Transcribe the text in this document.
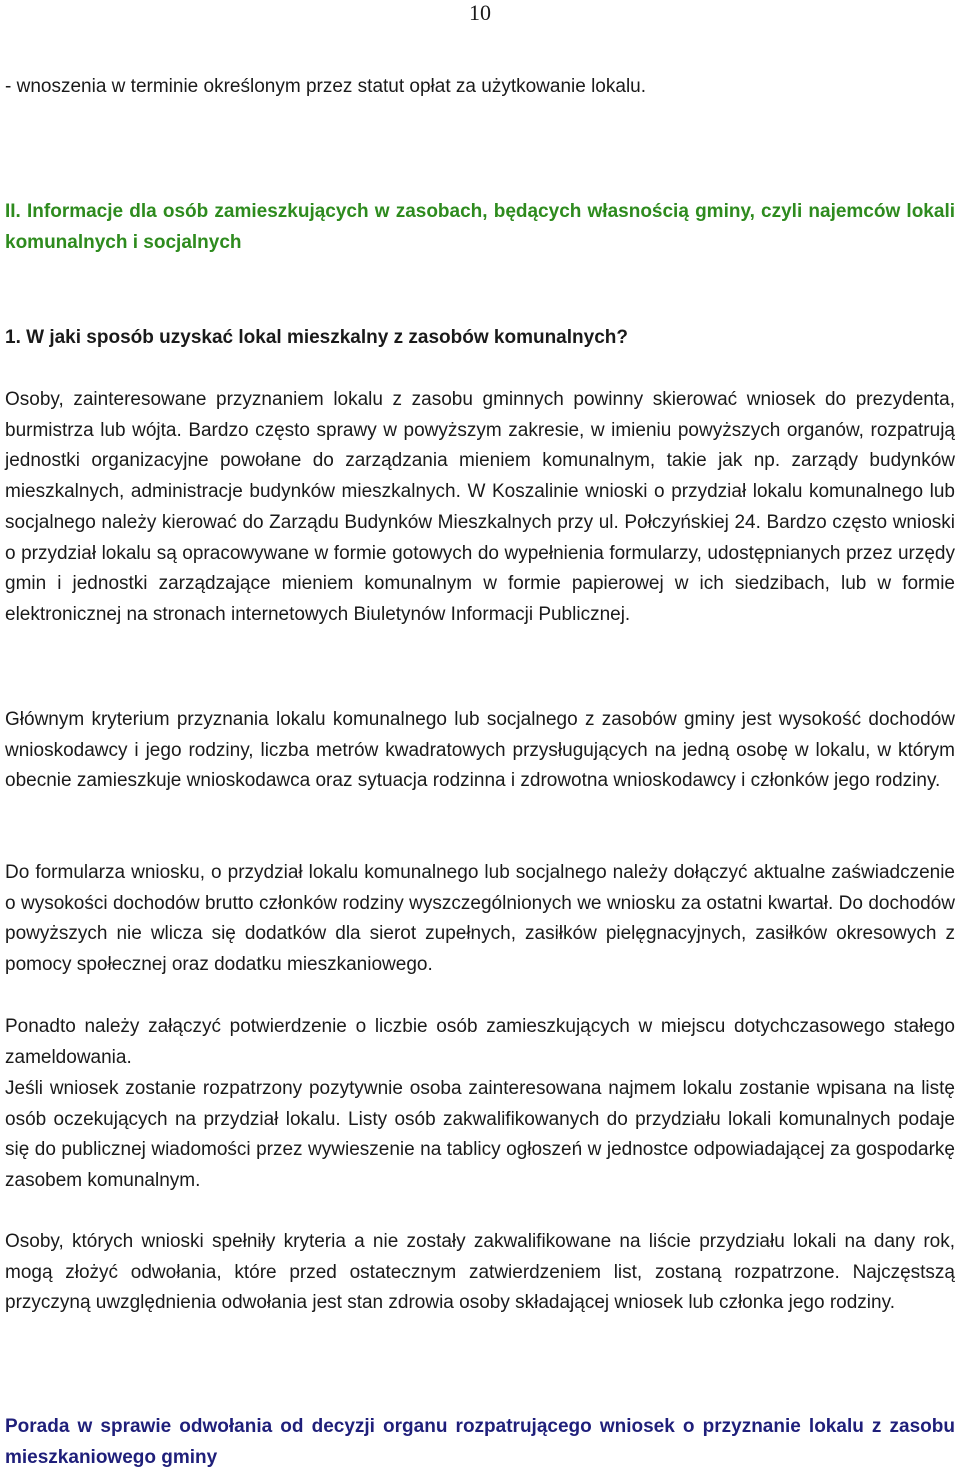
10

- wnoszenia w terminie określonym przez statut opłat za użytkowanie lokalu.

II. Informacje dla osób zamieszkujących w zasobach, będących własnością gminy, czyli najemców lokali komunalnych i socjalnych

1. W jaki sposób uzyskać lokal mieszkalny z zasobów komunalnych?

Osoby, zainteresowane przyznaniem lokalu z zasobu gminnych powinny skierować wniosek do prezydenta, burmistrza lub wójta. Bardzo często sprawy w powyższym zakresie, w imieniu powyższych organów, rozpatrują jednostki organizacyjne powołane do zarządzania mieniem komunalnym, takie jak np. zarządy budynków mieszkalnych, administracje budynków mieszkalnych. W Koszalinie wnioski o przydział lokalu komunalnego lub socjalnego należy kierować do Zarządu Budynków Mieszkalnych przy ul. Połczyńskiej 24. Bardzo często wnioski o przydział lokalu są opracowywane w formie gotowych do wypełnienia formularzy, udostępnianych przez urzędy gmin i jednostki zarządzające mieniem komunalnym w formie papierowej w ich siedzibach, lub w formie elektronicznej na stronach internetowych Biuletynów Informacji Publicznej.

Głównym kryterium przyznania lokalu komunalnego lub socjalnego z zasobów gminy jest wysokość dochodów wnioskodawcy i jego rodziny, liczba metrów kwadratowych przysługujących na jedną osobę w lokalu, w którym obecnie zamieszkuje wnioskodawca oraz sytuacja rodzinna i zdrowotna wnioskodawcy i członków jego rodziny.

Do formularza wniosku, o przydział lokalu komunalnego lub socjalnego należy dołączyć aktualne zaświadczenie o wysokości dochodów brutto członków rodziny wyszczególnionych we wniosku za ostatni kwartał. Do dochodów powyższych nie wlicza się dodatków dla sierot zupełnych, zasiłków pielęgnacyjnych, zasiłków okresowych z pomocy społecznej oraz dodatku mieszkaniowego.

Ponadto należy załączyć potwierdzenie o liczbie osób zamieszkujących w miejscu dotychczasowego stałego zameldowania.

Jeśli wniosek zostanie rozpatrzony pozytywnie osoba zainteresowana najmem lokalu zostanie wpisana na listę osób oczekujących na przydział lokalu. Listy osób zakwalifikowanych do przydziału lokali komunalnych podaje się do publicznej wiadomości przez wywieszenie na tablicy ogłoszeń w jednostce odpowiadającej za gospodarkę zasobem komunalnym.

Osoby, których wnioski spełniły kryteria a nie zostały zakwalifikowane na liście przydziału lokali na dany rok, mogą złożyć odwołania, które przed ostatecznym zatwierdzeniem list, zostaną rozpatrzone. Najczęstszą przyczyną uwzględnienia odwołania jest stan zdrowia osoby składającej wniosek lub członka jego rodziny.

Porada w sprawie odwołania od decyzji organu rozpatrującego wniosek o przyznanie lokalu z zasobu mieszkaniowego gminy
